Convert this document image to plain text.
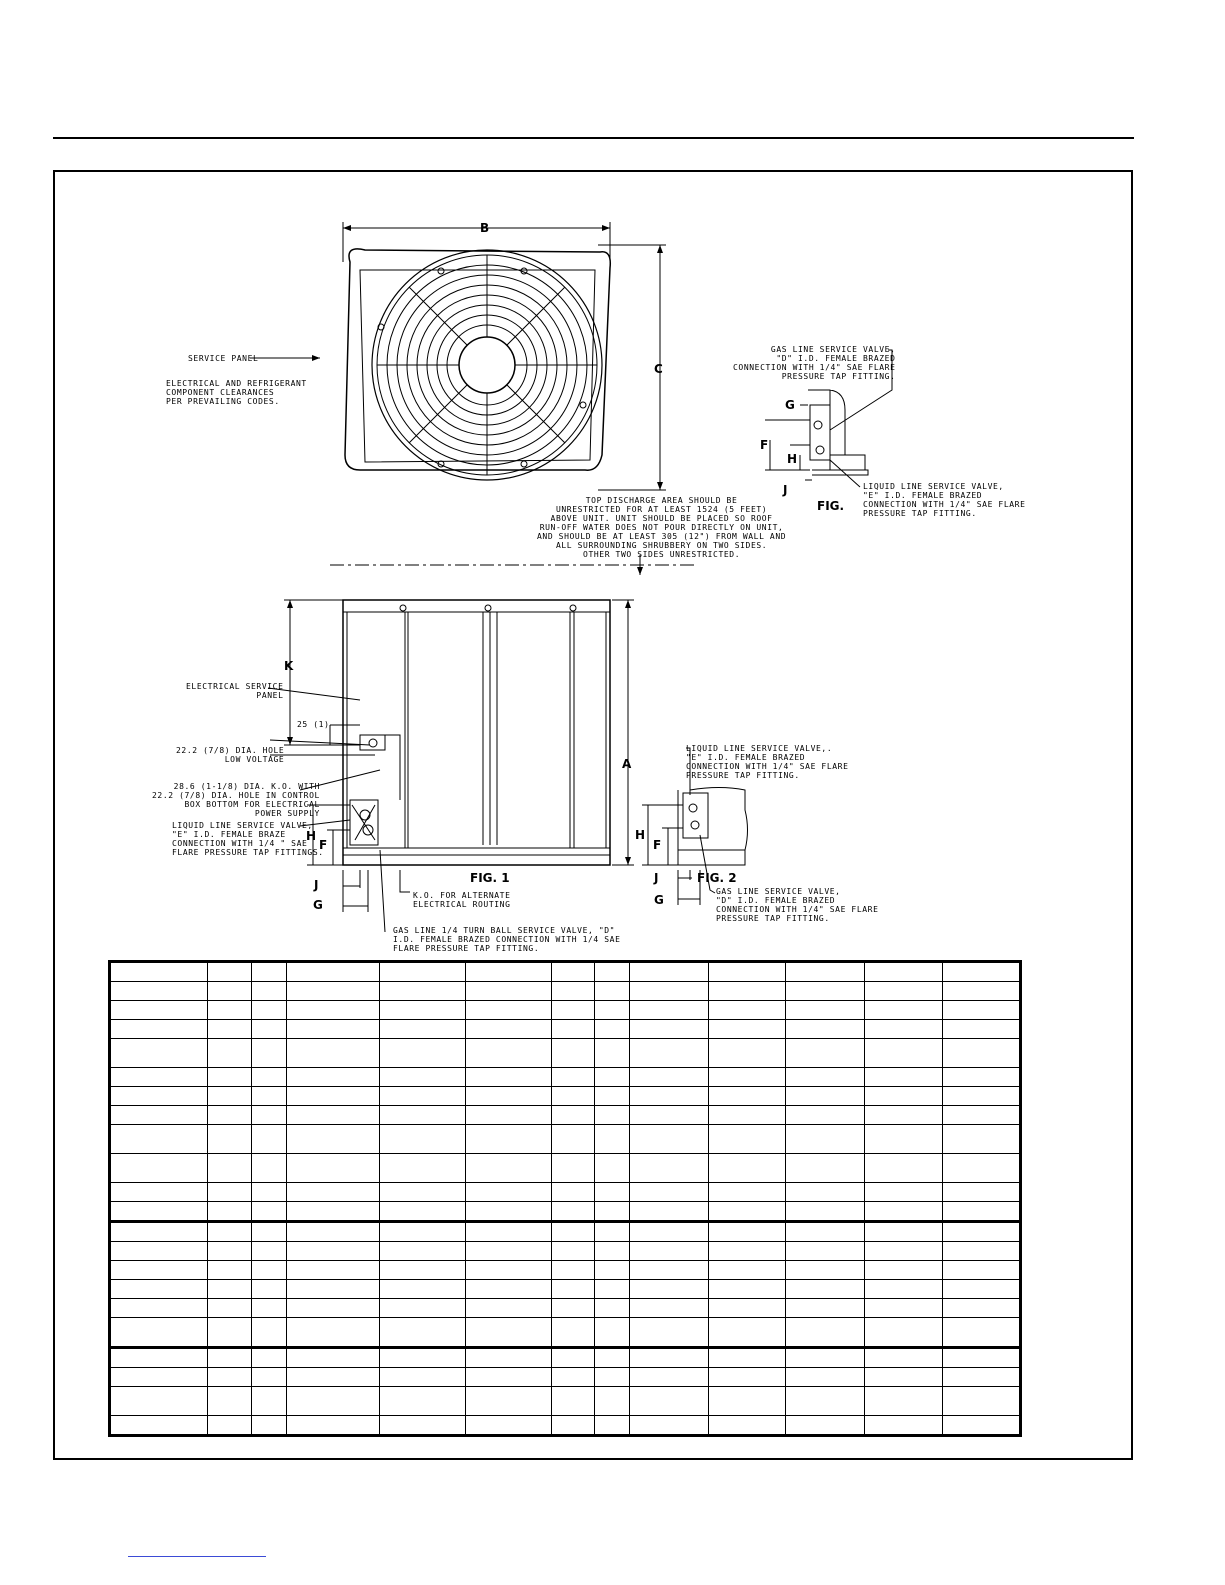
B
C
SERVICE PANEL
ELECTRICAL AND REFRIGERANT
COMPONENT CLEARANCES
PER PREVAILING CODES.
TOP DISCHARGE AREA SHOULD BE
UNRESTRICTED FOR AT LEAST 1524 (5 FEET)
ABOVE UNIT. UNIT SHOULD BE PLACED SO ROOF
RUN-OFF WATER DOES NOT POUR DIRECTLY ON UNIT,
AND SHOULD BE AT LEAST 305 (12") FROM WALL AND
ALL SURROUNDING SHRUBBERY ON TWO SIDES.
OTHER TWO SIDES UNRESTRICTED.
GAS LINE SERVICE VALVE,
"D" I.D. FEMALE BRAZED
CONNECTION WITH 1/4" SAE FLARE
PRESSURE TAP FITTING.
G
F
H
J
FIG.
LIQUID LINE SERVICE VALVE,
"E" I.D. FEMALE BRAZED
CONNECTION WITH 1/4" SAE FLARE
PRESSURE TAP FITTING.
K
ELECTRICAL SERVICE
PANEL
25 (1)
22.2 (7/8) DIA. HOLE
LOW VOLTAGE
28.6 (1-1/8) DIA. K.O. WITH
22.2 (7/8) DIA. HOLE IN CONTROL
BOX BOTTOM FOR ELECTRICAL
POWER SUPPLY
LIQUID LINE SERVICE VALVE,
"E" I.D. FEMALE BRAZE
CONNECTION WITH 1/4 " SAE
FLARE PRESSURE TAP FITTINGS.
H
F
J
G
A
FIG. 1
K.O. FOR ALTERNATE
ELECTRICAL ROUTING
GAS LINE 1/4 TURN BALL SERVICE VALVE, "D"
I.D. FEMALE BRAZED CONNECTION WITH 1/4 SAE
FLARE PRESSURE TAP FITTING.
LIQUID LINE SERVICE VALVE,.
"E" I.D. FEMALE BRAZED
CONNECTION WITH 1/4" SAE FLARE
PRESSURE TAP FITTING.
H
F
J
G
FIG. 2
GAS LINE SERVICE VALVE,
"D" I.D. FEMALE BRAZED
CONNECTION WITH 1/4" SAE FLARE
PRESSURE TAP FITTING.
